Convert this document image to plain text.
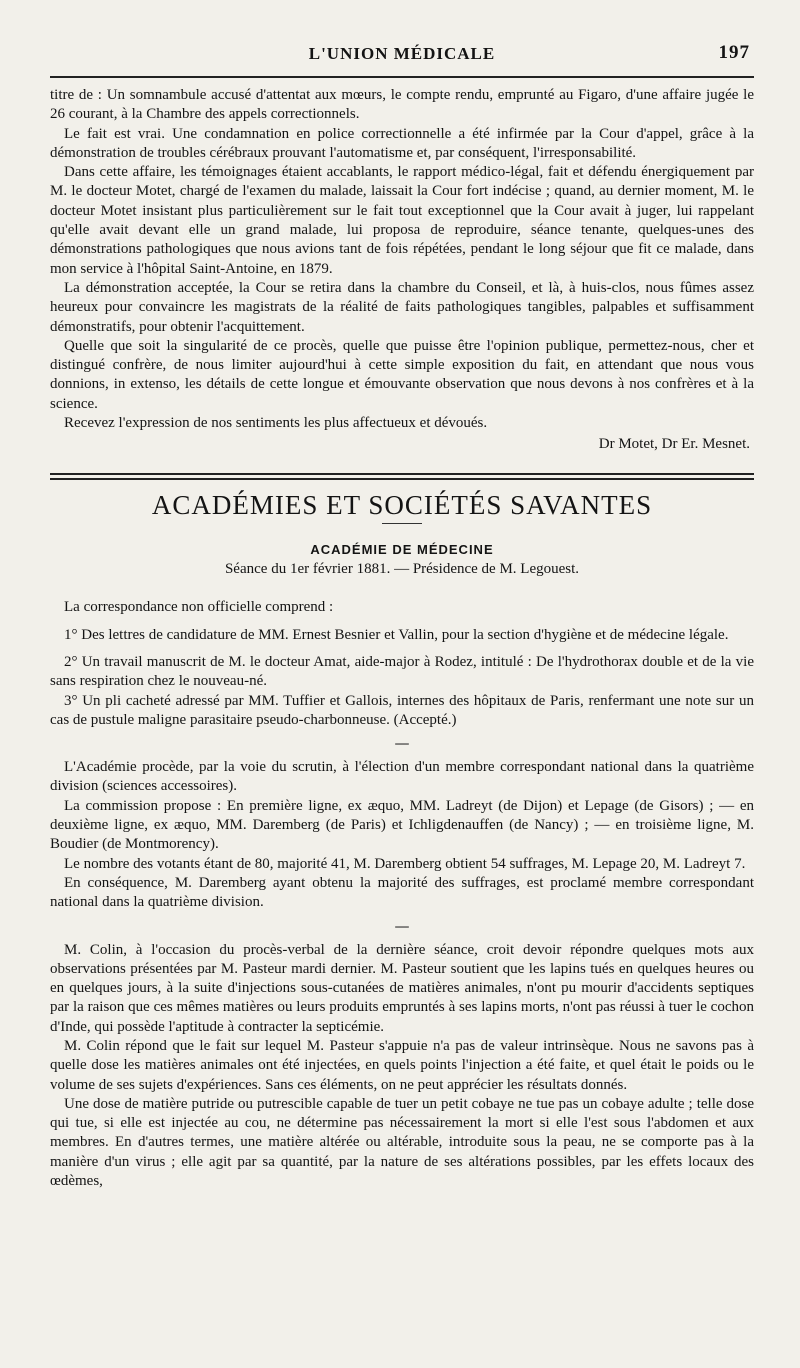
L'UNION MÉDICALE	197

titre de : Un somnambule accusé d'attentat aux mœurs, le compte rendu, emprunté au Figaro, d'une affaire jugée le 26 courant, à la Chambre des appels correctionnels.

Le fait est vrai. Une condamnation en police correctionnelle a été infirmée par la Cour d'appel, grâce à la démonstration de troubles cérébraux prouvant l'automatisme et, par conséquent, l'irresponsabilité.

Dans cette affaire, les témoignages étaient accablants, le rapport médico-légal, fait et défendu énergiquement par M. le docteur Motet, chargé de l'examen du malade, laissait la Cour fort indécise ; quand, au dernier moment, M. le docteur Motet insistant plus particulièrement sur le fait tout exceptionnel que la Cour avait à juger, lui rappelant qu'elle avait devant elle un grand malade, lui proposa de reproduire, séance tenante, quelques-unes des démonstrations pathologiques que nous avions tant de fois répétées, pendant le long séjour que fit ce malade, dans mon service à l'hôpital Saint-Antoine, en 1879.

La démonstration acceptée, la Cour se retira dans la chambre du Conseil, et là, à huis-clos, nous fûmes assez heureux pour convaincre les magistrats de la réalité de faits pathologiques tangibles, palpables et suffisamment démonstratifs, pour obtenir l'acquittement.

Quelle que soit la singularité de ce procès, quelle que puisse être l'opinion publique, permettez-nous, cher et distingué confrère, de nous limiter aujourd'hui à cette simple exposition du fait, en attendant que nous vous donnions, in extenso, les détails de cette longue et émouvante observation que nous devons à nos confrères et à la science.

Recevez l'expression de nos sentiments les plus affectueux et dévoués.

Dr Motet, Dr Er. Mesnet.
ACADÉMIES ET SOCIÉTÉS SAVANTES
ACADÉMIE DE MÉDECINE
Séance du 1er février 1881. — Présidence de M. Legouest.

La correspondance non officielle comprend :

1° Des lettres de candidature de MM. Ernest Besnier et Vallin, pour la section d'hygiène et de médecine légale.

2° Un travail manuscrit de M. le docteur Amat, aide-major à Rodez, intitulé : De l'hydrothorax double et de la vie sans respiration chez le nouveau-né.

3° Un pli cacheté adressé par MM. Tuffier et Gallois, internes des hôpitaux de Paris, renfermant une note sur un cas de pustule maligne parasitaire pseudo-charbonneuse. (Accepté.)

—

L'Académie procède, par la voie du scrutin, à l'élection d'un membre correspondant national dans la quatrième division (sciences accessoires).

La commission propose : En première ligne, ex æquo, MM. Ladreyt (de Dijon) et Lepage (de Gisors) ; — en deuxième ligne, ex æquo, MM. Daremberg (de Paris) et Ichligdenauffen (de Nancy) ; — en troisième ligne, M. Boudier (de Montmorency).

Le nombre des votants étant de 80, majorité 41, M. Daremberg obtient 54 suffrages, M. Lepage 20, M. Ladreyt 7.

En conséquence, M. Daremberg ayant obtenu la majorité des suffrages, est proclamé membre correspondant national dans la quatrième division.

—

M. Colin, à l'occasion du procès-verbal de la dernière séance, croit devoir répondre quelques mots aux observations présentées par M. Pasteur mardi dernier. M. Pasteur soutient que les lapins tués en quelques heures ou en quelques jours, à la suite d'injections sous-cutanées de matières animales, n'ont pu mourir d'accidents septiques par la raison que ces mêmes matières ou leurs produits empruntés à ses lapins morts, n'ont pas réussi à tuer le cochon d'Inde, qui possède l'aptitude à contracter la septicémie.

M. Colin répond que le fait sur lequel M. Pasteur s'appuie n'a pas de valeur intrinsèque. Nous ne savons pas à quelle dose les matières animales ont été injectées, en quels points l'injection a été faite, et quel était le poids ou le volume de ses sujets d'expériences. Sans ces éléments, on ne peut apprécier les résultats donnés.

Une dose de matière putride ou putrescible capable de tuer un petit cobaye ne tue pas un cobaye adulte ; telle dose qui tue, si elle est injectée au cou, ne détermine pas nécessairement la mort si elle l'est sous l'abdomen et aux membres. En d'autres termes, une matière altérée ou altérable, introduite sous la peau, ne se comporte pas à la manière d'un virus ; elle agit par sa quantité, par la nature de ses altérations possibles, par les effets locaux des œdèmes,
